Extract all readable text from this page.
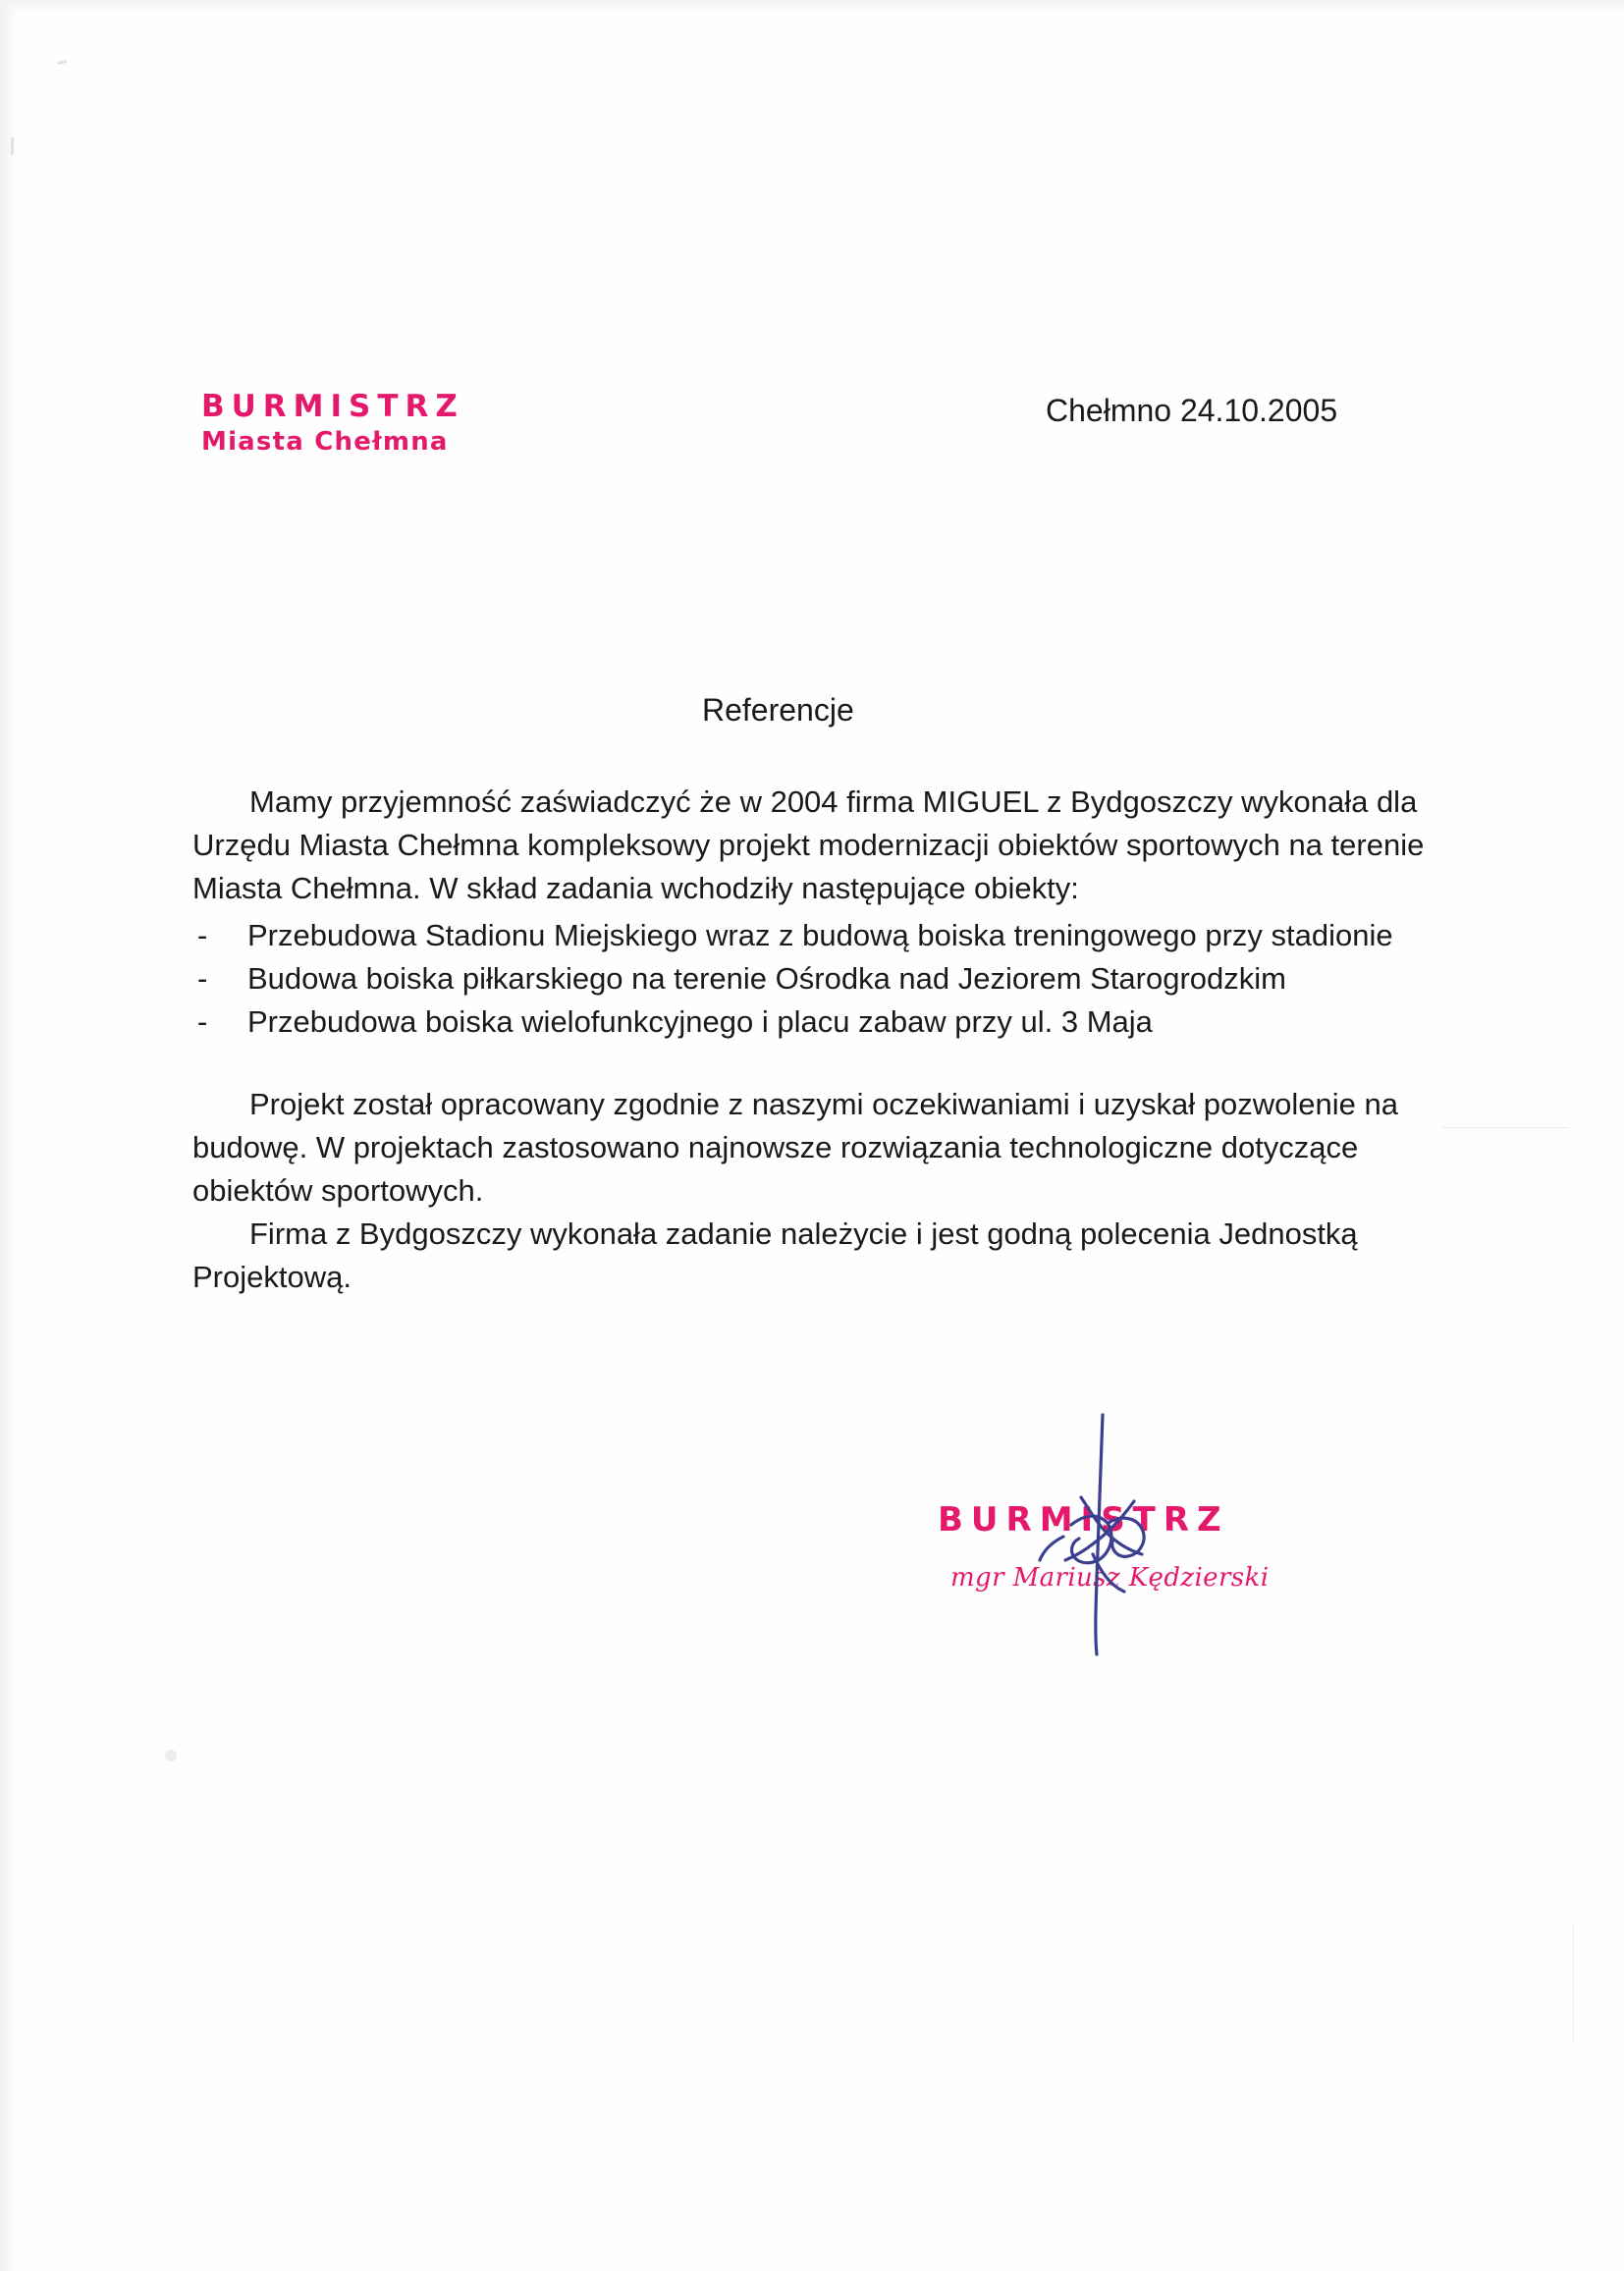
BURMISTRZ
Miasta Chełmna
Chełmno 24.10.2005
Referencje

Mamy przyjemność zaświadczyć że w 2004 firma MIGUEL z Bydgoszczy wykonała dla Urzędu Miasta Chełmna kompleksowy projekt modernizacji obiektów sportowych na terenie Miasta Chełmna. W skład zadania wchodziły następujące obiekty:

- Przebudowa Stadionu Miejskiego wraz z budową boiska treningowego przy stadionie
- Budowa boiska piłkarskiego na terenie Ośrodka nad Jeziorem Starogrodzkim
- Przebudowa boiska wielofunkcyjnego i placu zabaw przy ul. 3 Maja

Projekt został opracowany zgodnie z naszymi oczekiwaniami i uzyskał pozwolenie na budowę. W projektach zastosowano najnowsze rozwiązania technologiczne dotyczące obiektów sportowych.

Firma z Bydgoszczy wykonała zadanie należycie i jest godną polecenia Jednostką Projektową.

BURMISTRZ
mgr Mariusz Kędzierski
